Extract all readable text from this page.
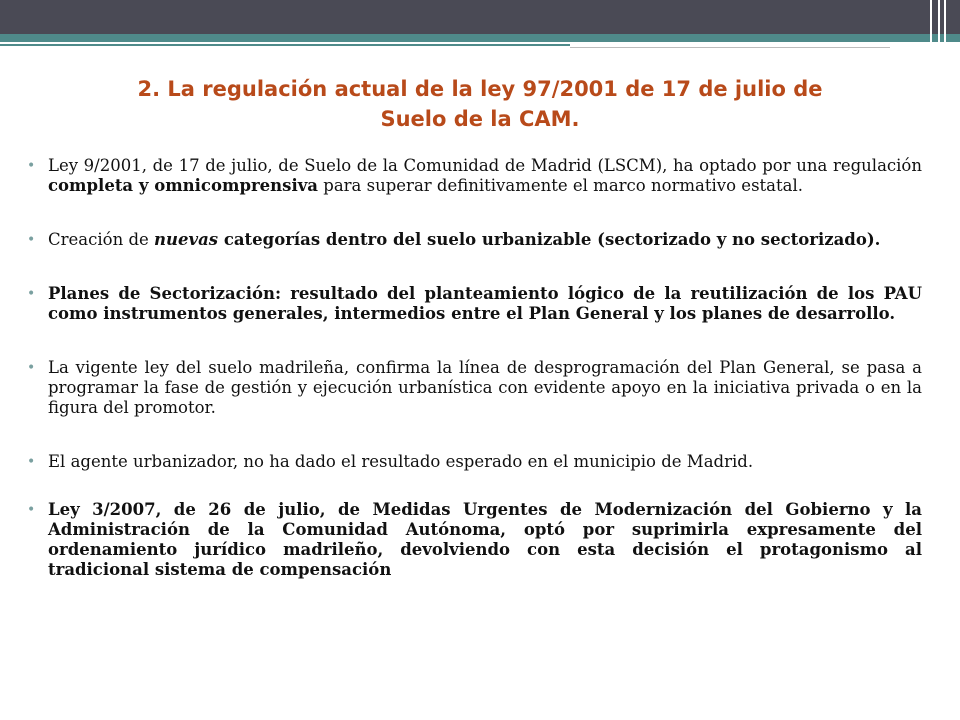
2. La regulación actual de la ley 97/2001 de 17 de julio de
Suelo de la CAM.
• Ley 9/2001, de 17 de julio, de Suelo de la Comunidad de Madrid (LSCM), ha optado por una regulación completa y omnicomprensiva para superar definitivamente el marco normativo estatal.
• Creación de nuevas categorías dentro del suelo urbanizable (sectorizado y no sectorizado).
• Planes de Sectorización: resultado del planteamiento lógico de la reutilización de los PAU como instrumentos generales, intermedios entre el Plan General y los planes de desarrollo.
• La vigente ley del suelo madrileña, confirma la línea de desprogramación del Plan General, se pasa a programar la fase de gestión y ejecución urbanística con evidente apoyo en la iniciativa privada o en la figura del promotor.
• El agente urbanizador, no ha dado el resultado esperado en el municipio de Madrid.
• Ley 3/2007, de 26 de julio, de Medidas Urgentes de Modernización del Gobierno y la Administración de la Comunidad Autónoma, optó por suprimirla expresamente del ordenamiento jurídico madrileño, devolviendo con esta decisión el protagonismo al tradicional sistema de compensación
